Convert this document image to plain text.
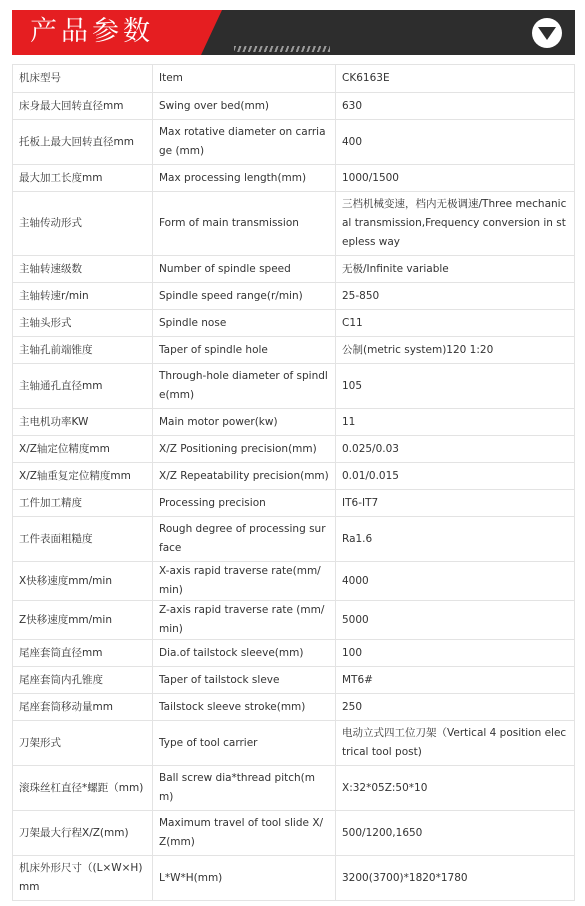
产品参数
机床型号	Item	CK6163E
床身最大回转直径mm	Swing over bed(mm)	630
托板上最大回转直径mm	Max rotative diameter on carriage (mm)	400
最大加工长度mm	Max processing length(mm)	1000/1500
主轴传动形式	Form of main transmission	三档机械变速，档内无极调速/Three mechanical transmission,Frequency conversion in stepless way
主轴转速级数	Number of spindle speed	无极/Infinite variable
主轴转速r/min	Spindle speed range(r/min)	25-850
主轴头形式	Spindle nose	C11
主轴孔前端锥度	Taper of spindle hole	公制(metric system)120 1:20
主轴通孔直径mm	Through-hole diameter of spindle(mm)	105
主电机功率KW	Main motor power(kw)	11
X/Z轴定位精度mm	X/Z Positioning precision(mm)	0.025/0.03
X/Z轴重复定位精度mm	X/Z Repeatability precision(mm)	0.01/0.015
工件加工精度	Processing precision	IT6-IT7
工件表面粗糙度	Rough degree of processing surface	Ra1.6
X快移速度mm/min	X-axis rapid traverse rate(mm/min)	4000
Z快移速度mm/min	Z-axis rapid traverse rate (mm/min)	5000
尾座套筒直径mm	Dia.of tailstock sleeve(mm)	100
尾座套筒内孔锥度	Taper of tailstock sleve	MT6#
尾座套筒移动量mm	Tailstock sleeve stroke(mm)	250
刀架形式	Type of tool carrier	电动立式四工位刀架（Vertical 4 position electrical tool post)
滚珠丝杠直径*螺距（mm)	Ball screw dia*thread pitch(mm)	X:32*05Z:50*10
刀架最大行程X/Z(mm)	Maximum travel of tool slide X/Z(mm)	500/1200,1650
机床外形尺寸（(L×W×H)mm	L*W*H(mm)	3200(3700)*1820*1780
